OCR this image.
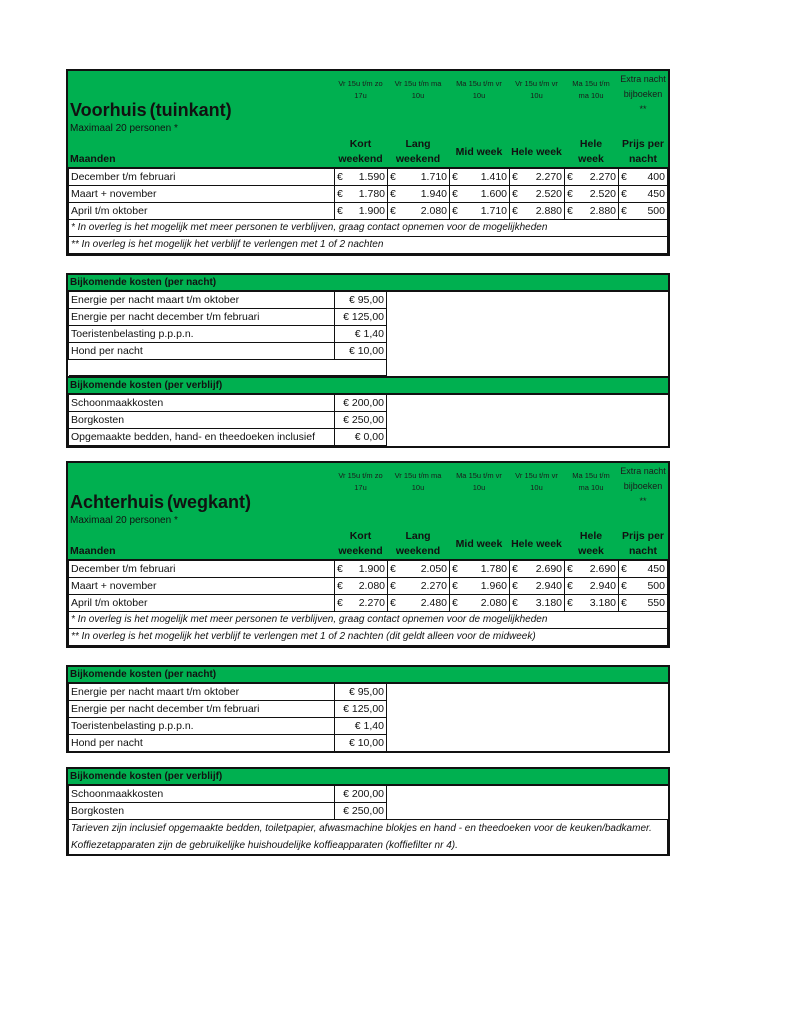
Voorhuis (tuinkant)	Vr 15u t/m zo 17u	Vr 15u t/m ma 10u	Ma 15u t/m vr 10u	Vr 15u t/m vr 10u	Ma 15u t/m ma 10u	Extra nacht bijboeken **

Maximaal 20 personen *						
Maanden	Kort weekend	Lang weekend	Mid week	Hele week	Hele week	Prijs per nacht
December t/m februari	€ 1.590	€ 1.710	€ 1.410	€ 2.270	€ 2.270	€ 400

Maart + november	€ 1.780	€ 1.940	€ 1.600	€ 2.520	€ 2.520	€ 450

April t/m oktober	€ 1.900	€ 2.080	€ 1.710	€ 2.880	€ 2.880	€ 500

* In overleg is het mogelijk met meer personen te verblijven, graag contact opnemen voor de mogelijkheden						
** In overleg is het mogelijk het verblijf te verlengen met 1 of 2 nachten						
Bijkomende kosten (per nacht)
Energie per nacht maart t/m oktober	€ 95,00	
Energie per nacht december t/m februari	€ 125,00	
Toeristenbelasting p.p.p.n.	€ 1,40	
Hond per nacht	€ 10,00	

Bijkomende kosten (per verblijf)
Schoonmaakkosten	€ 200,00	
Borgkosten	€ 250,00	
Opgemaakte bedden, hand- en theedoeken inclusief	€ 0,00	
Achterhuis (wegkant)	Vr 15u t/m zo 17u	Vr 15u t/m ma 10u	Ma 15u t/m vr 10u	Vr 15u t/m vr 10u	Ma 15u t/m ma 10u	Extra nacht bijboeken **

Maximaal 20 personen *						
Maanden	Kort weekend	Lang weekend	Mid week	Hele week	Hele week	Prijs per nacht
December t/m februari	€ 1.900	€ 2.050	€ 1.780	€ 2.690	€ 2.690	€ 450

Maart + november	€ 2.080	€ 2.270	€ 1.960	€ 2.940	€ 2.940	€ 500

April t/m oktober	€ 2.270	€ 2.480	€ 2.080	€ 3.180	€ 3.180	€ 550

* In overleg is het mogelijk met meer personen te verblijven, graag contact opnemen voor de mogelijkheden						
** In overleg is het mogelijk het verblijf te verlengen met 1 of 2 nachten (dit geldt alleen voor de midweek)						
Bijkomende kosten (per nacht)
Energie per nacht maart t/m oktober	€ 95,00	
Energie per nacht december t/m februari	€ 125,00	
Toeristenbelasting p.p.p.n.	€ 1,40	
Hond per nacht	€ 10,00	
Bijkomende kosten (per verblijf)
Schoonmaakkosten	€ 200,00	
Borgkosten	€ 250,00	
Tarieven zijn inclusief opgemaakte bedden, toiletpapier, afwasmachine blokjes en hand - en theedoeken voor de keuken/badkamer. Koffiezetapparaten zijn de gebruikelijke huishoudelijke koffieapparaten (koffiefilter nr 4).		
